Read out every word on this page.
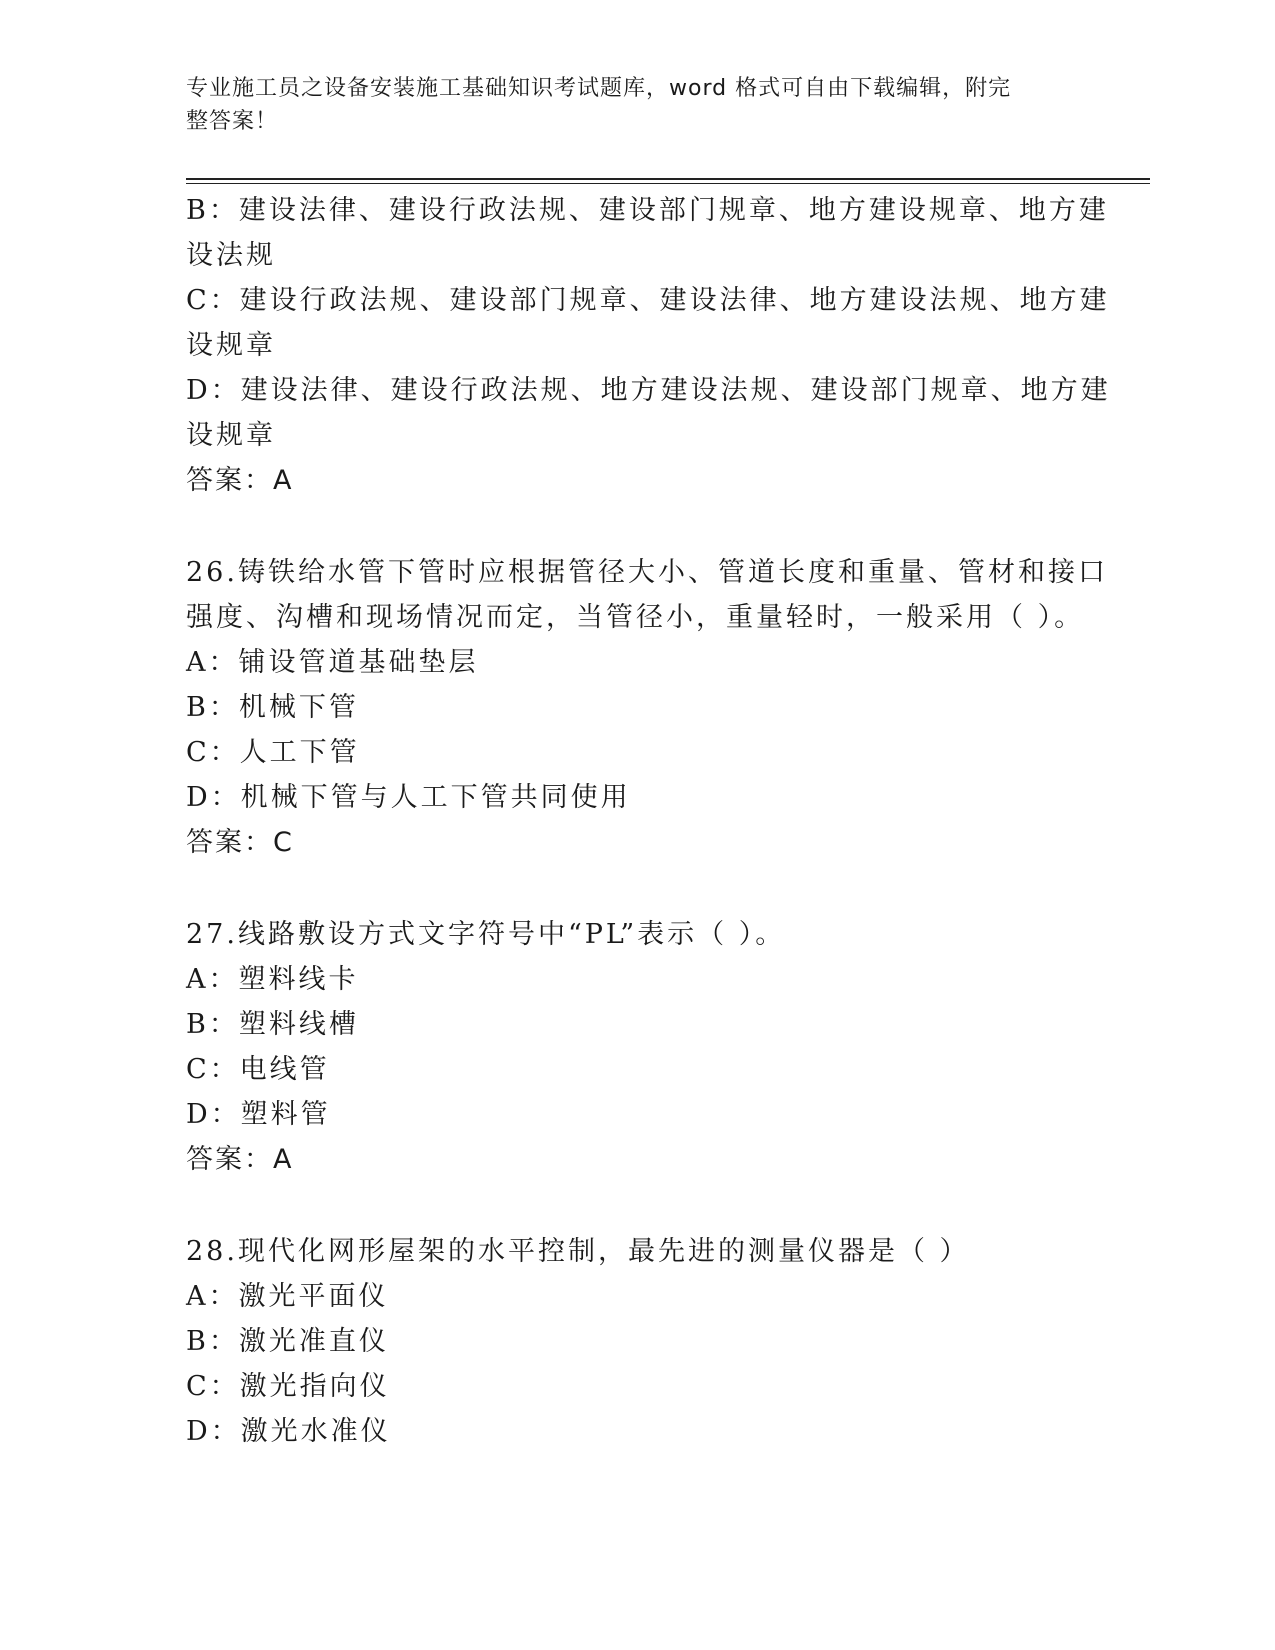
专业施工员之设备安装施工基础知识考试题库，word 格式可自由下载编辑，附完
整答案！
B：建设法律、建设行政法规、建设部门规章、地方建设规章、地方建
设法规
C：建设行政法规、建设部门规章、建设法律、地方建设法规、地方建
设规章
D：建设法律、建设行政法规、地方建设法规、建设部门规章、地方建
设规章
答案：A
26.铸铁给水管下管时应根据管径大小、管道长度和重量、管材和接口
强度、沟槽和现场情况而定，当管径小，重量轻时，一般采用（ ）。
A：铺设管道基础垫层
B：机械下管
C：人工下管
D：机械下管与人工下管共同使用
答案：C
27.线路敷设方式文字符号中“PL”表示（ ）。
A：塑料线卡
B：塑料线槽
C：电线管
D：塑料管
答案：A
28.现代化网形屋架的水平控制，最先进的测量仪器是（ ）
A：激光平面仪
B：激光准直仪
C：激光指向仪
D：激光水准仪
